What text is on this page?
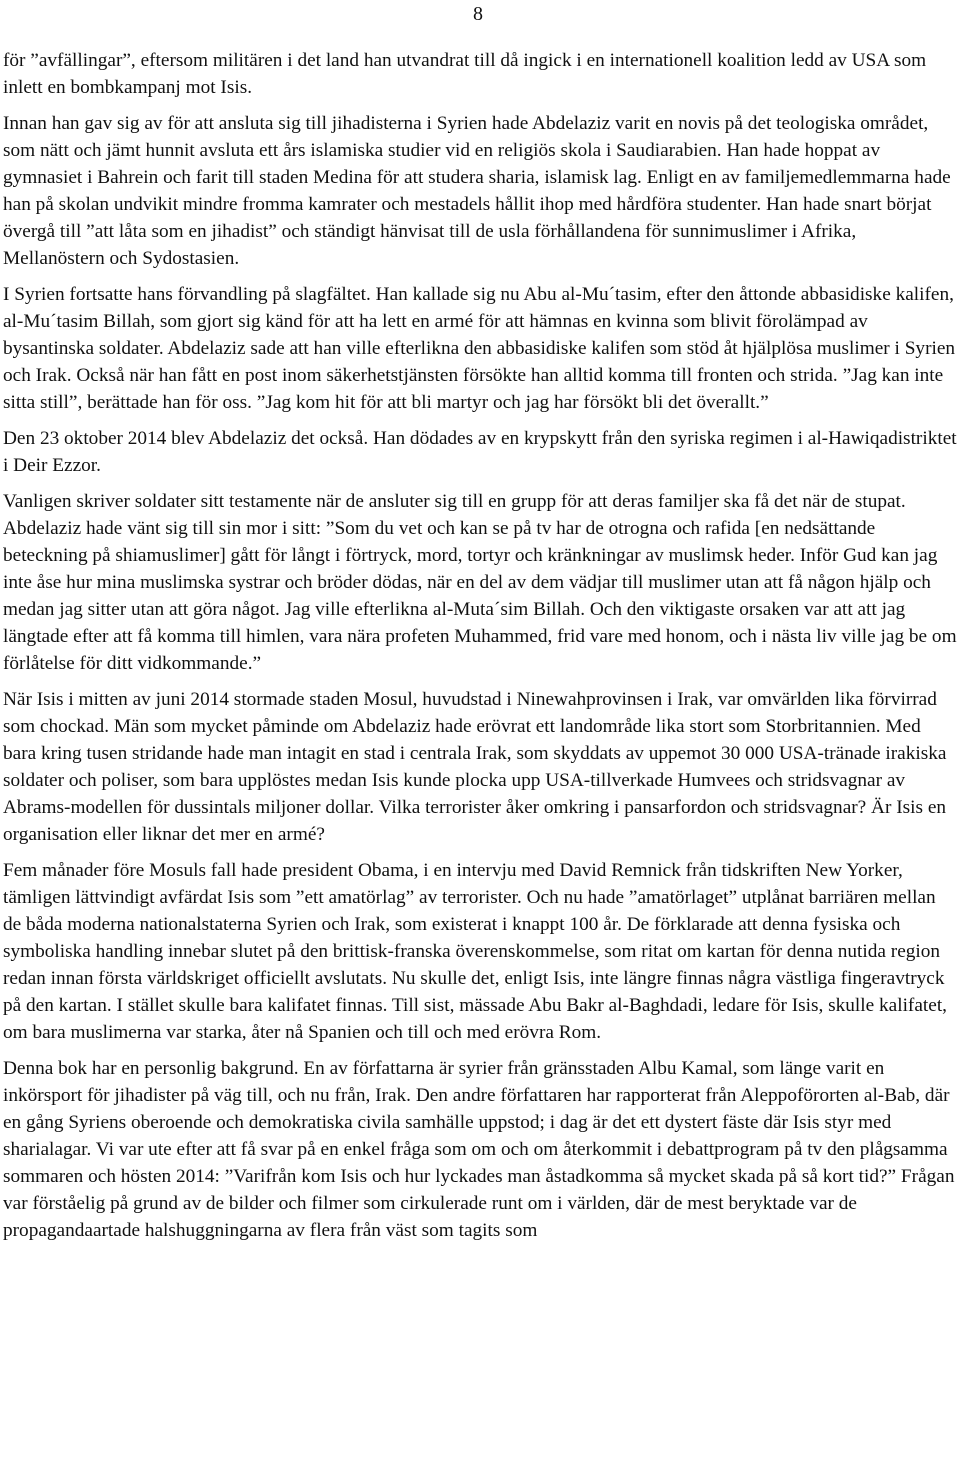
8

för ”avfällingar”, eftersom militären i det land han utvandrat till då ingick i en internationell koalition ledd av USA som inlett en bombkampanj mot Isis.

Innan han gav sig av för att ansluta sig till jihadisterna i Syrien hade Abdelaziz varit en novis på det teologiska området, som nätt och jämt hunnit avsluta ett års islamiska studier vid en religiös skola i Saudiarabien. Han hade hoppat av gymnasiet i Bahrein och farit till staden Medina för att studera sharia, islamisk lag. Enligt en av familjemedlemmarna hade han på skolan undvikit mindre fromma kamrater och mestadels hållit ihop med hårdföra studenter. Han hade snart börjat övergå till ”att låta som en jihadist” och ständigt hänvisat till de usla förhållandena för sunnimuslimer i Afrika, Mellanöstern och Sydostasien.

I Syrien fortsatte hans förvandling på slagfältet. Han kallade sig nu Abu al-Mu´tasim, efter den åttonde abbasidiske kalifen, al-Mu´tasim Billah, som gjort sig känd för att ha lett en armé för att hämnas en kvinna som blivit förolämpad av bysantinska soldater. Abdelaziz sade att han ville efterlikna den abbasidiske kalifen som stöd åt hjälplösa muslimer i Syrien och Irak. Också när han fått en post inom säkerhetstjänsten försökte han alltid komma till fronten och strida. ”Jag kan inte sitta still”, berättade han för oss. ”Jag kom hit för att bli martyr och jag har försökt bli det överallt.”

Den 23 oktober 2014 blev Abdelaziz det också. Han dödades av en krypskytt från den syriska regimen i al-Hawiqadistriktet i Deir Ezzor.

Vanligen skriver soldater sitt testamente när de ansluter sig till en grupp för att deras familjer ska få det när de stupat. Abdelaziz hade vänt sig till sin mor i sitt: ”Som du vet och kan se på tv har de otrogna och rafida [en nedsättande beteckning på shiamuslimer] gått för långt i förtryck, mord, tortyr och kränkningar av muslimsk heder. Inför Gud kan jag inte åse hur mina muslimska systrar och bröder dödas, när en del av dem vädjar till muslimer utan att få någon hjälp och medan jag sitter utan att göra något. Jag ville efterlikna al-Muta´sim Billah. Och den viktigaste orsaken var att att jag längtade efter att få komma till himlen, vara nära profeten Muhammed, frid vare med honom, och i nästa liv ville jag be om förlåtelse för ditt vidkommande.”

När Isis i mitten av juni 2014 stormade staden Mosul, huvudstad i Ninewahprovinsen i Irak, var omvärlden lika förvirrad som chockad. Män som mycket påminde om Abdelaziz hade erövrat ett landområde lika stort som Storbritannien. Med bara kring tusen stridande hade man intagit en stad i centrala Irak, som skyddats av uppemot 30 000 USA-tränade irakiska soldater och poliser, som bara upplöstes medan Isis kunde plocka upp USA-tillverkade Humvees och stridsvagnar av Abrams-modellen för dussintals miljoner dollar. Vilka terrorister åker omkring i pansarfordon och stridsvagnar? Är Isis en organisation eller liknar det mer en armé?

Fem månader före Mosuls fall hade president Obama, i en intervju med David Remnick från tidskriften New Yorker, tämligen lättvindigt avfärdat Isis som ”ett amatörlag” av terrorister. Och nu hade ”amatörlaget” utplånat barriären mellan de båda moderna nationalstaterna Syrien och Irak, som existerat i knappt 100 år. De förklarade att denna fysiska och symboliska handling innebar slutet på den brittisk-franska överenskommelse, som ritat om kartan för denna nutida region redan innan första världskriget officiellt avslutats. Nu skulle det, enligt Isis, inte längre finnas några västliga fingeravtryck på den kartan. I stället skulle bara kalifatet finnas. Till sist, mässade Abu Bakr al-Baghdadi, ledare för Isis, skulle kalifatet, om bara muslimerna var starka, åter nå Spanien och till och med erövra Rom.

Denna bok har en personlig bakgrund. En av författarna är syrier från gränsstaden Albu Kamal, som länge varit en inkörsport för jihadister på väg till, och nu från, Irak. Den andre författaren har rapporterat från Aleppoförorten al-Bab, där en gång Syriens oberoende och demokratiska civila samhälle uppstod; i dag är det ett dystert fäste där Isis styr med sharialagar. Vi var ute efter att få svar på en enkel fråga som om och om återkommit i debattprogram på tv den plågsamma sommaren och hösten 2014: ”Varifrån kom Isis och hur lyckades man åstadkomma så mycket skada på så kort tid?” Frågan var förståelig på grund av de bilder och filmer som cirkulerade runt om i världen, där de mest beryktade var de propagandaartade halshuggningarna av flera från väst som tagits som
